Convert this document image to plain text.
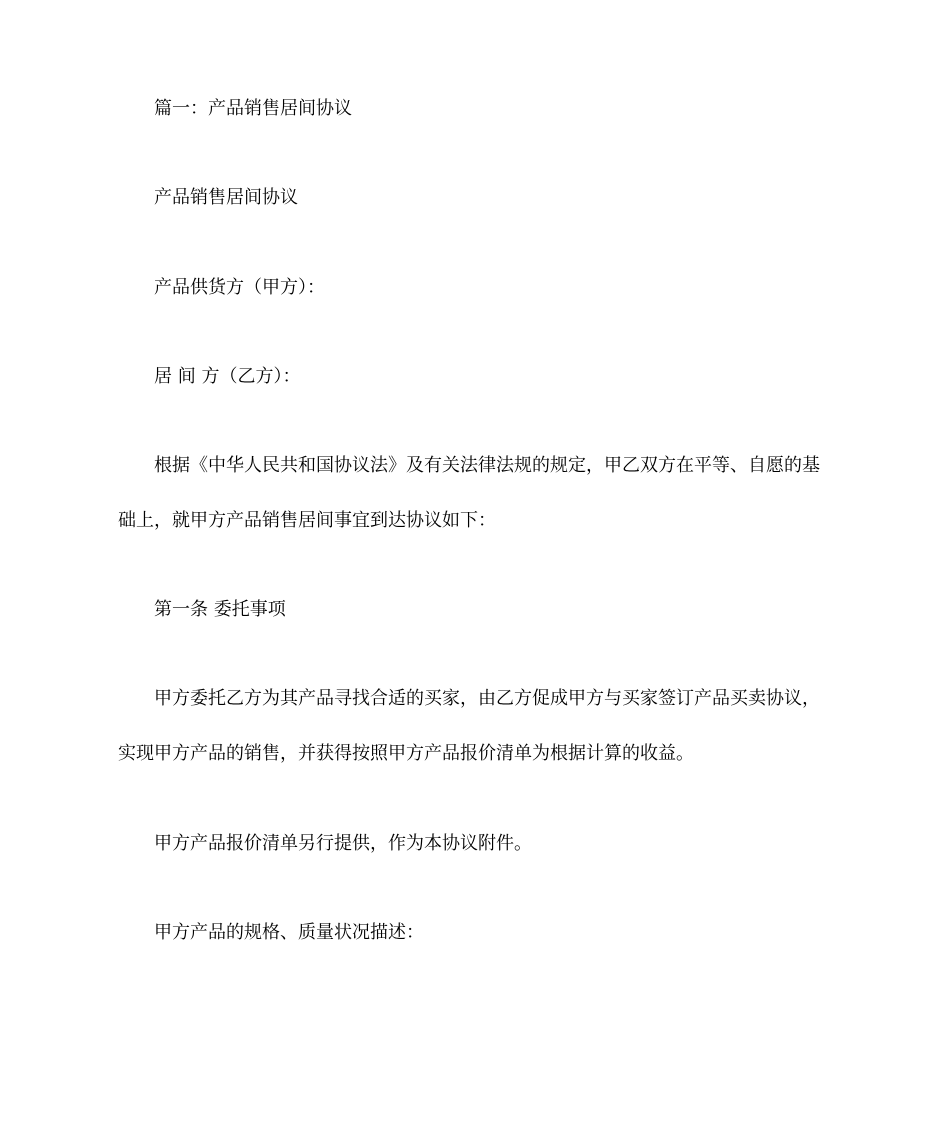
篇一：产品销售居间协议
产品销售居间协议
产品供货方（甲方）：
居 间 方（乙方）：
根据《中华人民共和国协议法》及有关法律法规的规定，甲乙双方在平等、自愿的基
础上，就甲方产品销售居间事宜到达协议如下：
第一条 委托事项
甲方委托乙方为其产品寻找合适的买家，由乙方促成甲方与买家签订产品买卖协议，
实现甲方产品的销售，并获得按照甲方产品报价清单为根据计算的收益。
甲方产品报价清单另行提供，作为本协议附件。
甲方产品的规格、质量状况描述：
